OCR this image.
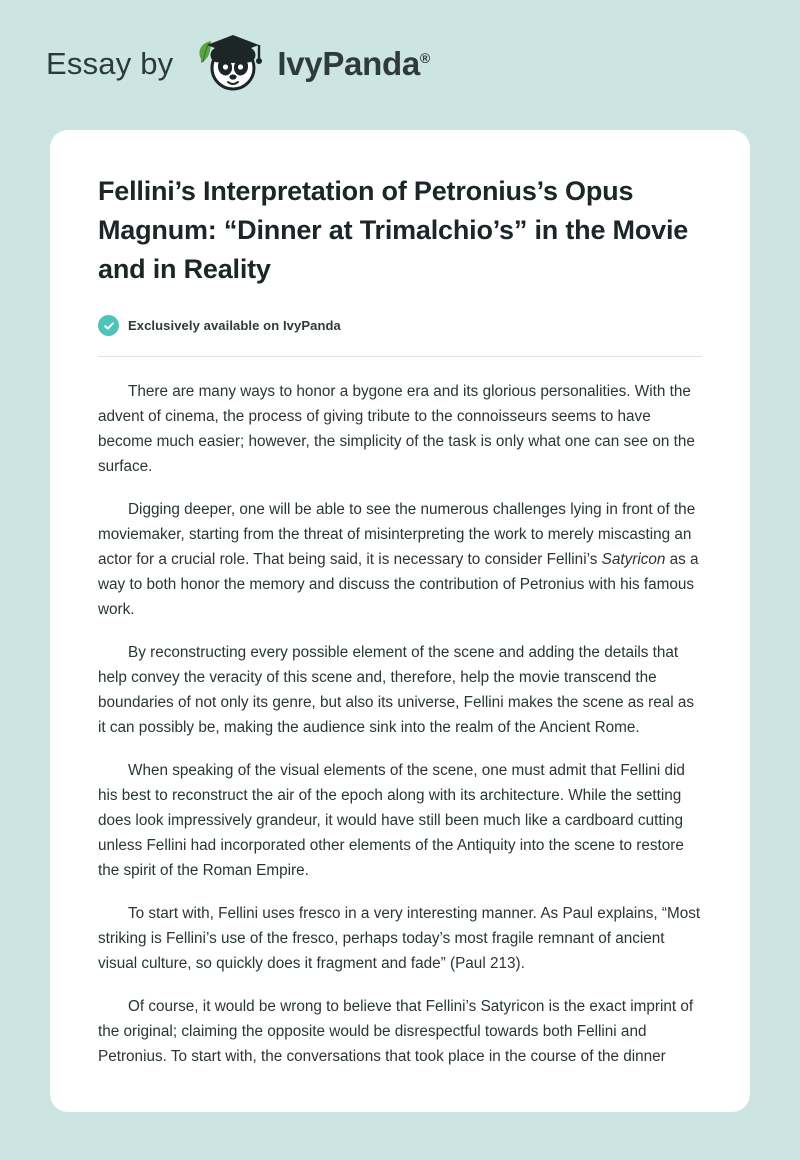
Essay by	IvyPanda®
Fellini’s Interpretation of Petronius’s Opus Magnum: “Dinner at Trimalchio’s” in the Movie and in Reality
Exclusively available on IvyPanda

There are many ways to honor a bygone era and its glorious personalities. With the advent of cinema, the process of giving tribute to the connoisseurs seems to have become much easier; however, the simplicity of the task is only what one can see on the surface.

Digging deeper, one will be able to see the numerous challenges lying in front of the moviemaker, starting from the threat of misinterpreting the work to merely miscasting an actor for a crucial role. That being said, it is necessary to consider Fellini’s Satyricon as a way to both honor the memory and discuss the contribution of Petronius with his famous work.

By reconstructing every possible element of the scene and adding the details that help convey the veracity of this scene and, therefore, help the movie transcend the boundaries of not only its genre, but also its universe, Fellini makes the scene as real as it can possibly be, making the audience sink into the realm of the Ancient Rome.

When speaking of the visual elements of the scene, one must admit that Fellini did his best to reconstruct the air of the epoch along with its architecture. While the setting does look impressively grandeur, it would have still been much like a cardboard cutting unless Fellini had incorporated other elements of the Antiquity into the scene to restore the spirit of the Roman Empire.

To start with, Fellini uses fresco in a very interesting manner. As Paul explains, “Most striking is Fellini’s use of the fresco, perhaps today’s most fragile remnant of ancient visual culture, so quickly does it fragment and fade” (Paul 213).

Of course, it would be wrong to believe that Fellini’s Satyricon is the exact imprint of the original; claiming the opposite would be disrespectful towards both Fellini and Petronius. To start with, the conversations that took place in the course of the dinner
